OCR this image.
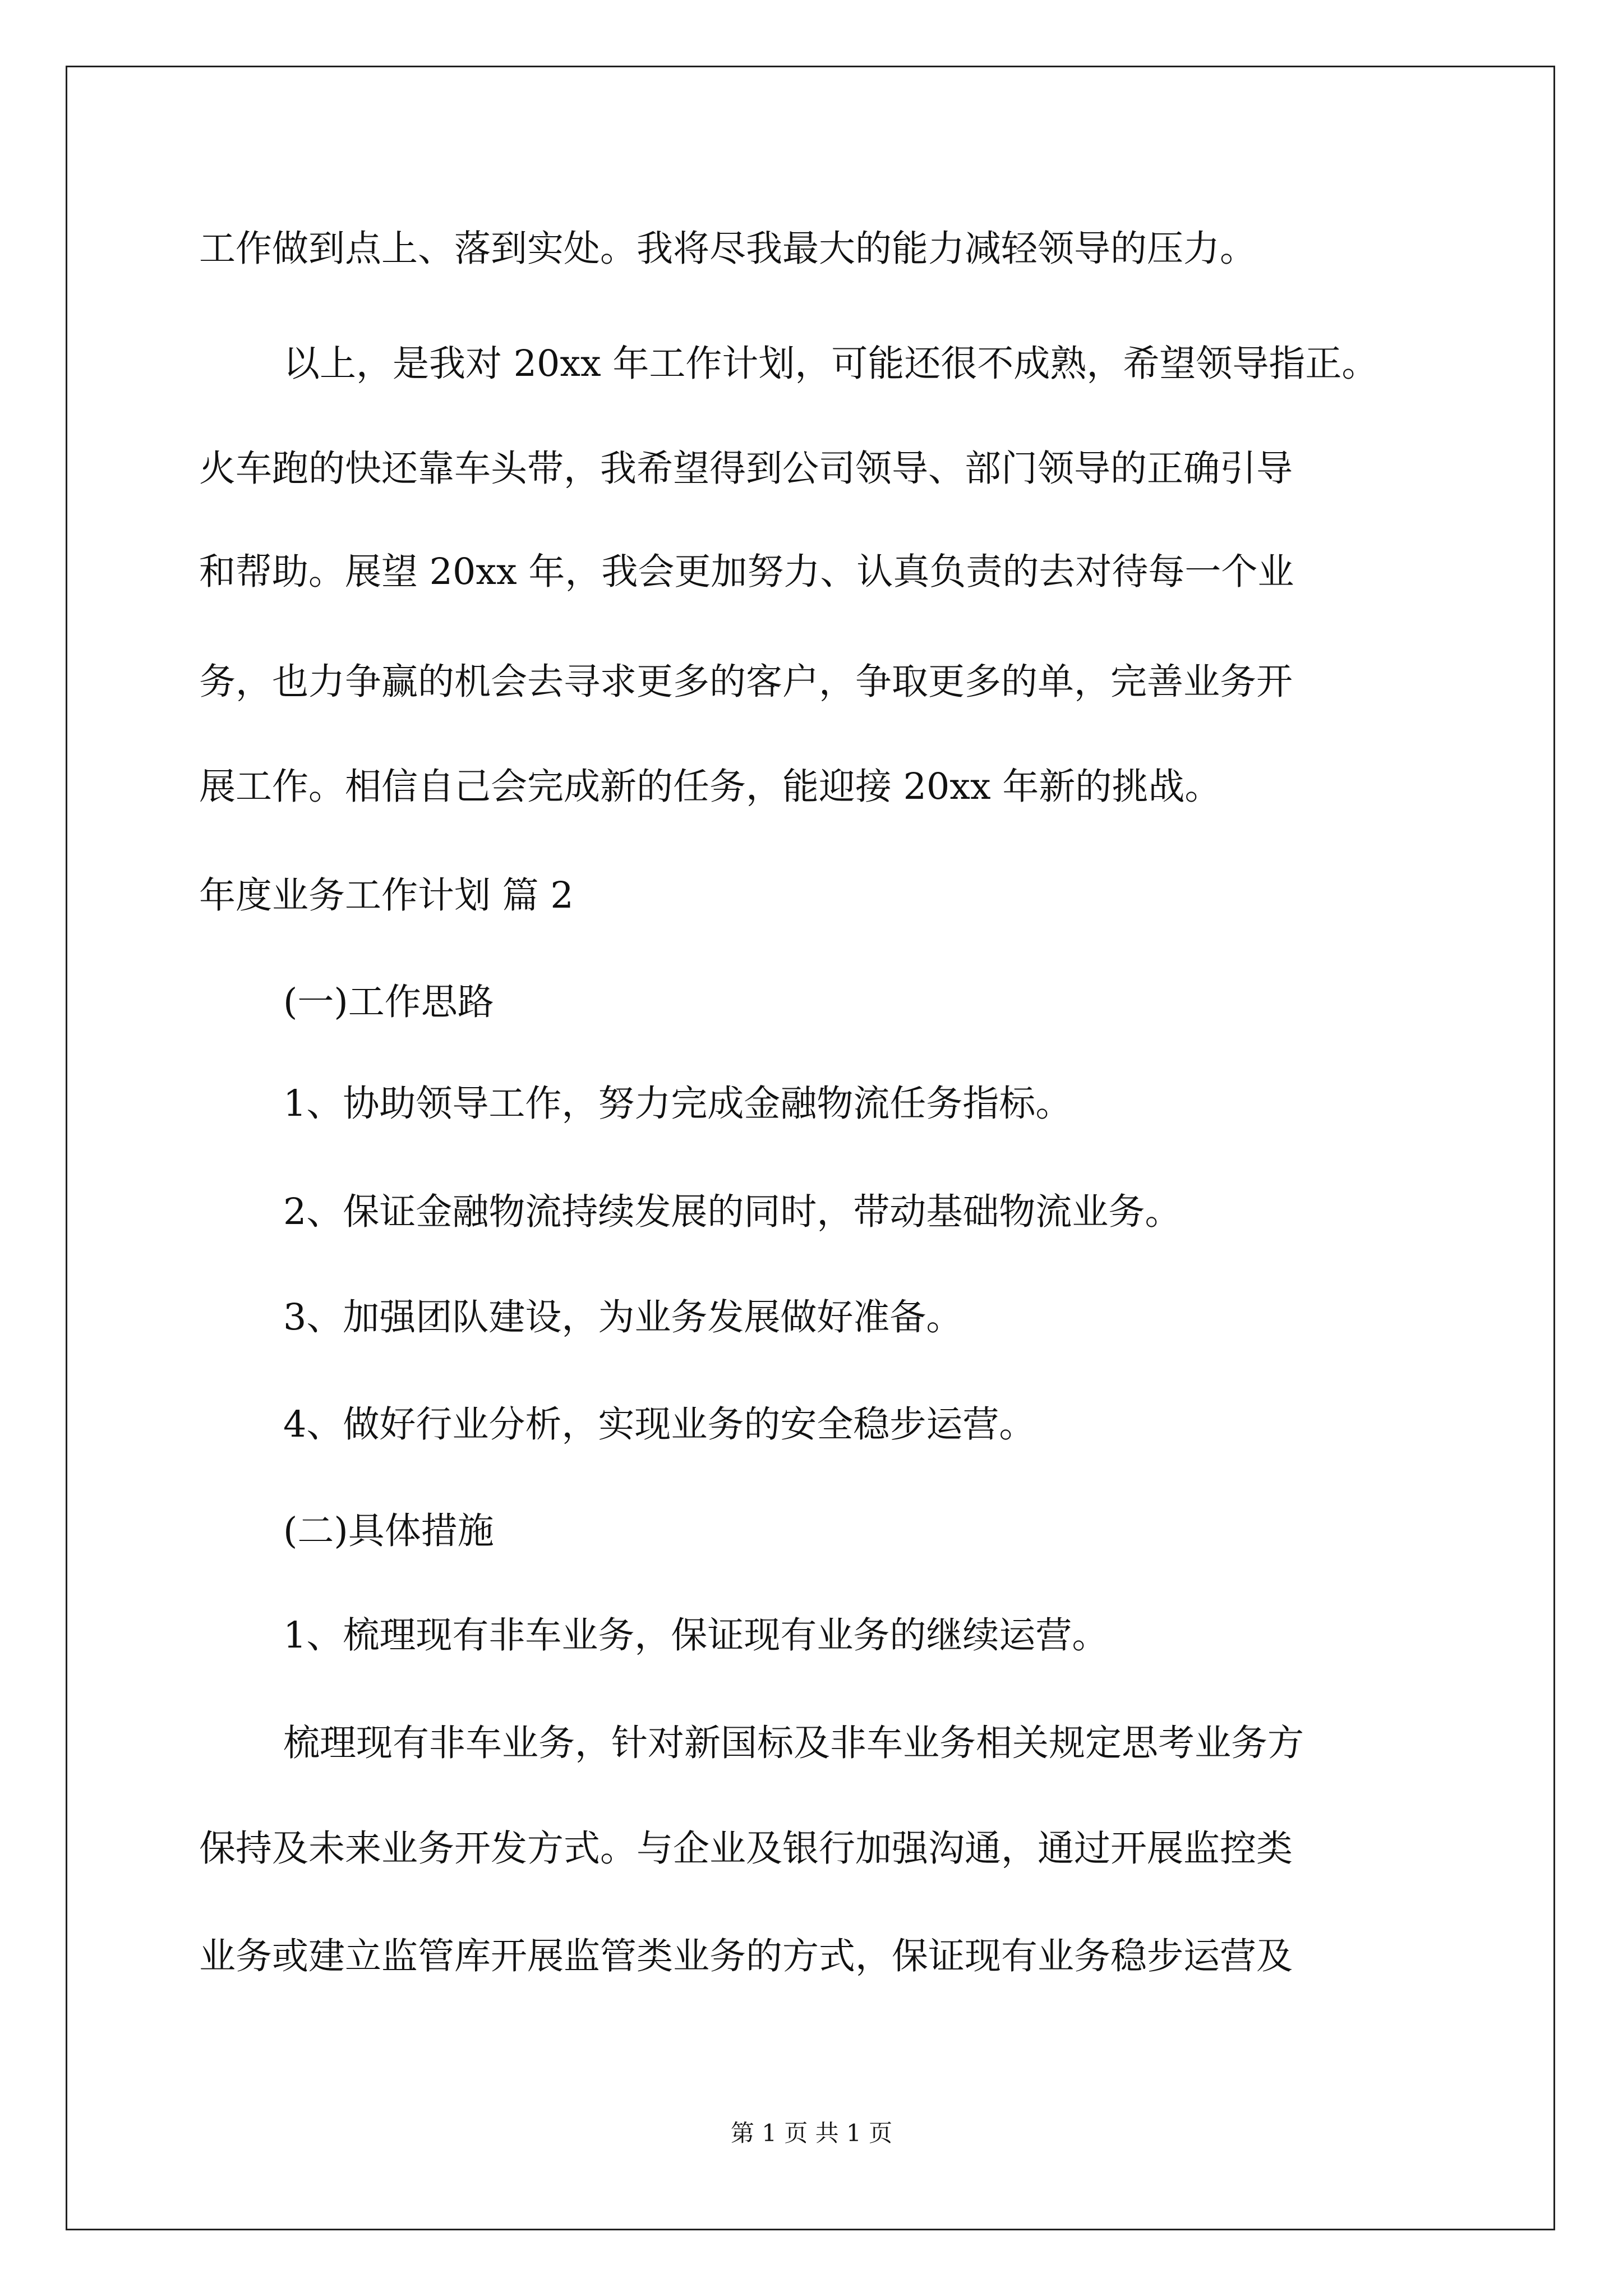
工作做到点上、落到实处。我将尽我最大的能力减轻领导的压力。
以上，是我对 20xx 年工作计划，可能还很不成熟，希望领导指正。
火车跑的快还靠车头带，我希望得到公司领导、部门领导的正确引导
和帮助。展望 20xx 年，我会更加努力、认真负责的去对待每一个业
务，也力争赢的机会去寻求更多的客户，争取更多的单，完善业务开
展工作。相信自己会完成新的任务，能迎接 20xx 年新的挑战。
年度业务工作计划 篇 2
(一)工作思路
1、协助领导工作，努力完成金融物流任务指标。
2、保证金融物流持续发展的同时，带动基础物流业务。
3、加强团队建设，为业务发展做好准备。
4、做好行业分析，实现业务的安全稳步运营。
(二)具体措施
1、梳理现有非车业务，保证现有业务的继续运营。
梳理现有非车业务，针对新国标及非车业务相关规定思考业务方
保持及未来业务开发方式。与企业及银行加强沟通，通过开展监控类
业务或建立监管库开展监管类业务的方式，保证现有业务稳步运营及
第 1 页 共 1 页
